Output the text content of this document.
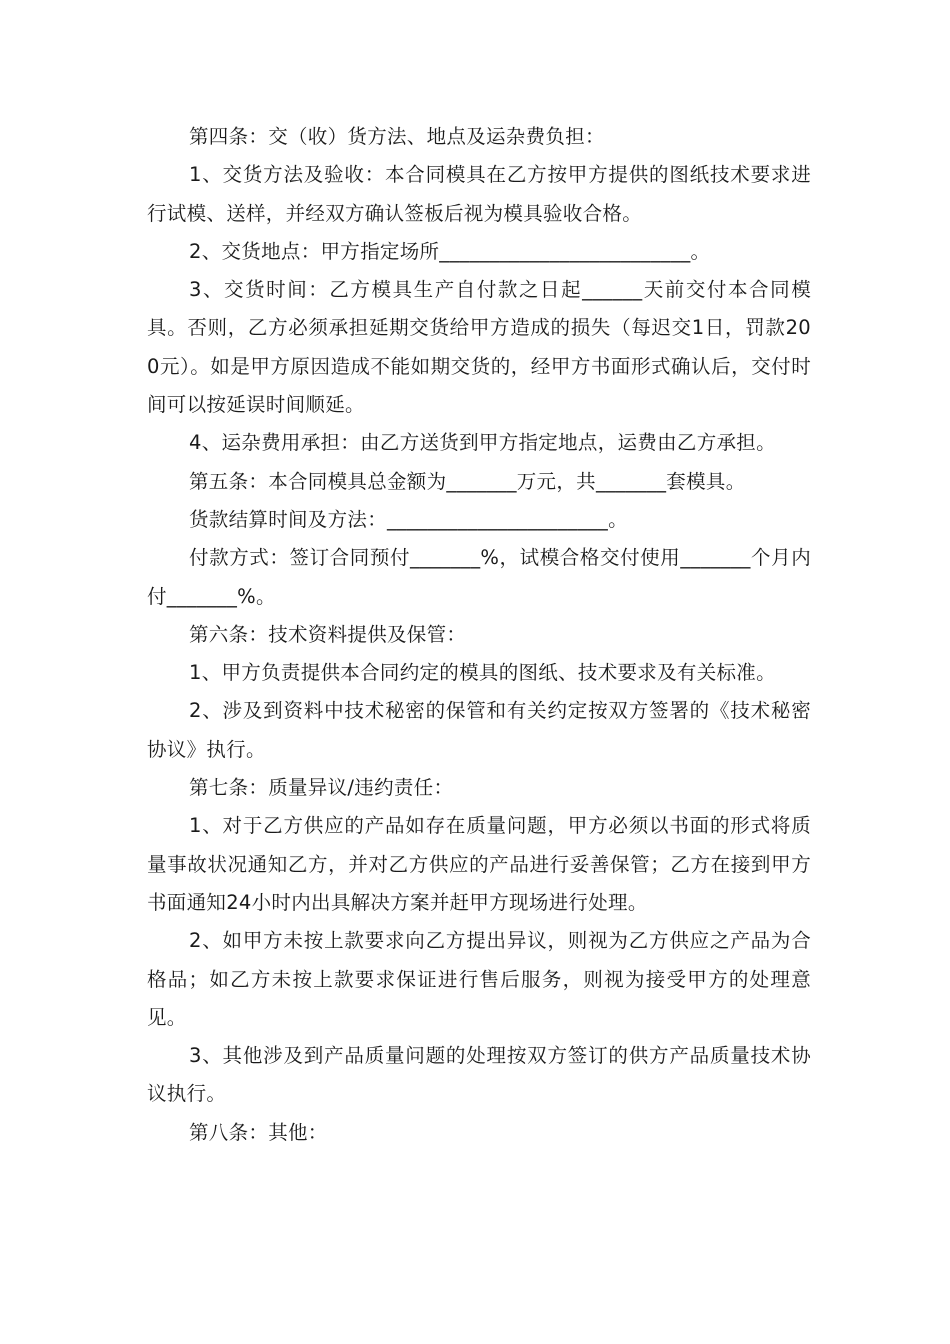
第四条：交（收）货方法、地点及运杂费负担：

1、交货方法及验收：本合同模具在乙方按甲方提供的图纸技术要求进行试模、送样，并经双方确认签板后视为模具验收合格。

2、交货地点：甲方指定场所_________________________。

3、交货时间：乙方模具生产自付款之日起______天前交付本合同模具。否则，乙方必须承担延期交货给甲方造成的损失（每迟交1日，罚款200元）。如是甲方原因造成不能如期交货的，经甲方书面形式确认后，交付时间可以按延误时间顺延。

4、运杂费用承担：由乙方送货到甲方指定地点，运费由乙方承担。

第五条：本合同模具总金额为_______万元，共_______套模具。

货款结算时间及方法：______________________。

付款方式：签订合同预付_______%，试模合格交付使用_______个月内付_______%。

第六条：技术资料提供及保管：

1、甲方负责提供本合同约定的模具的图纸、技术要求及有关标准。

2、涉及到资料中技术秘密的保管和有关约定按双方签署的《技术秘密协议》执行。

第七条：质量异议/违约责任：

1、对于乙方供应的产品如存在质量问题，甲方必须以书面的形式将质量事故状况通知乙方，并对乙方供应的产品进行妥善保管；乙方在接到甲方书面通知24小时内出具解决方案并赶甲方现场进行处理。

2、如甲方未按上款要求向乙方提出异议，则视为乙方供应之产品为合格品；如乙方未按上款要求保证进行售后服务，则视为接受甲方的处理意见。

3、其他涉及到产品质量问题的处理按双方签订的供方产品质量技术协议执行。

第八条：其他：
